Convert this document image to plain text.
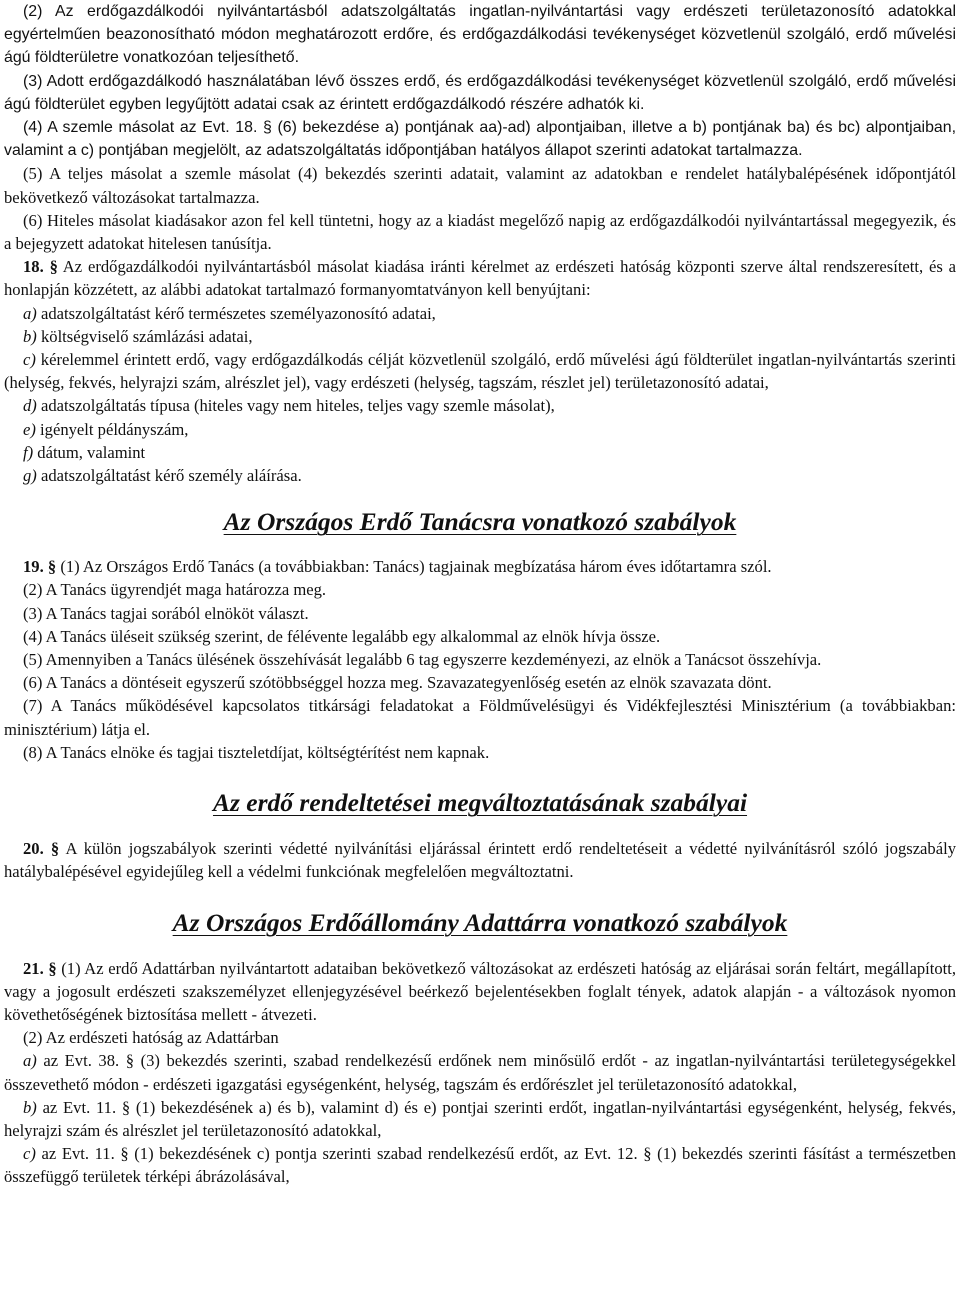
(2) Az erdőgazdálkodói nyilvántartásból adatszolgáltatás ingatlan-nyilvántartási vagy erdészeti területazonosító adatokkal egyértelműen beazonosítható módon meghatározott erdőre, és erdőgazdálkodási tevékenységet közvetlenül szolgáló, erdő művelési ágú földterületre vonatkozóan teljesíthető.

(3) Adott erdőgazdálkodó használatában lévő összes erdő, és erdőgazdálkodási tevékenységet közvetlenül szolgáló, erdő művelési ágú földterület egyben legyűjtött adatai csak az érintett erdőgazdálkodó részére adhatók ki.

(4) A szemle másolat az Evt. 18. § (6) bekezdése a) pontjának aa)-ad) alpontjaiban, illetve a b) pontjának ba) és bc) alpontjaiban, valamint a c) pontjában megjelölt, az adatszolgáltatás időpontjában hatályos állapot szerinti adatokat tartalmazza.

(5) A teljes másolat a szemle másolat (4) bekezdés szerinti adatait, valamint az adatokban e rendelet hatálybalépésének időpontjától bekövetkező változásokat tartalmazza.

(6) Hiteles másolat kiadásakor azon fel kell tüntetni, hogy az a kiadást megelőző napig az erdőgazdálkodói nyilvántartással megegyezik, és a bejegyzett adatokat hitelesen tanúsítja.

18. § Az erdőgazdálkodói nyilvántartásból másolat kiadása iránti kérelmet az erdészeti hatóság központi szerve által rendszeresített, és a honlapján közzétett, az alábbi adatokat tartalmazó formanyomtatványon kell benyújtani:

a) adatszolgáltatást kérő természetes személyazonosító adatai,

b) költségviselő számlázási adatai,

c) kérelemmel érintett erdő, vagy erdőgazdálkodás célját közvetlenül szolgáló, erdő művelési ágú földterület ingatlan-nyilvántartás szerinti (helység, fekvés, helyrajzi szám, alrészlet jel), vagy erdészeti (helység, tagszám, részlet jel) területazonosító adatai,

d) adatszolgáltatás típusa (hiteles vagy nem hiteles, teljes vagy szemle másolat),

e) igényelt példányszám,

f) dátum, valamint

g) adatszolgáltatást kérő személy aláírása.

Az Országos Erdő Tanácsra vonatkozó szabályok

19. § (1) Az Országos Erdő Tanács (a továbbiakban: Tanács) tagjainak megbízatása három éves időtartamra szól.

(2) A Tanács ügyrendjét maga határozza meg.

(3) A Tanács tagjai sorából elnököt választ.

(4) A Tanács üléseit szükség szerint, de félévente legalább egy alkalommal az elnök hívja össze.

(5) Amennyiben a Tanács ülésének összehívását legalább 6 tag egyszerre kezdeményezi, az elnök a Tanácsot összehívja.

(6) A Tanács a döntéseit egyszerű szótöbbséggel hozza meg. Szavazategyenlőség esetén az elnök szavazata dönt.

(7) A Tanács működésével kapcsolatos titkársági feladatokat a Földművelésügyi és Vidékfejlesztési Minisztérium (a továbbiakban: minisztérium) látja el.

(8) A Tanács elnöke és tagjai tiszteletdíjat, költségtérítést nem kapnak.

Az erdő rendeltetései megváltoztatásának szabályai

20. § A külön jogszabályok szerinti védetté nyilvánítási eljárással érintett erdő rendeltetéseit a védetté nyilvánításról szóló jogszabály hatálybalépésével egyidejűleg kell a védelmi funkciónak megfelelően megváltoztatni.

Az Országos Erdőállomány Adattárra vonatkozó szabályok

21. § (1) Az erdő Adattárban nyilvántartott adataiban bekövetkező változásokat az erdészeti hatóság az eljárásai során feltárt, megállapított, vagy a jogosult erdészeti szakszemélyzet ellenjegyzésével beérkező bejelentésekben foglalt tények, adatok alapján - a változások nyomon követhetőségének biztosítása mellett - átvezeti.

(2) Az erdészeti hatóság az Adattárban

a) az Evt. 38. § (3) bekezdés szerinti, szabad rendelkezésű erdőnek nem minősülő erdőt - az ingatlan-nyilvántartási területegységekkel összevethető módon - erdészeti igazgatási egységenként, helység, tagszám és erdőrészlet jel területazonosító adatokkal,

b) az Evt. 11. § (1) bekezdésének a) és b), valamint d) és e) pontjai szerinti erdőt, ingatlan-nyilvántartási egységenként, helység, fekvés, helyrajzi szám és alrészlet jel területazonosító adatokkal,

c) az Evt. 11. § (1) bekezdésének c) pontja szerinti szabad rendelkezésű erdőt, az Evt. 12. § (1) bekezdés szerinti fásítást a természetben összefüggő területek térképi ábrázolásával,
